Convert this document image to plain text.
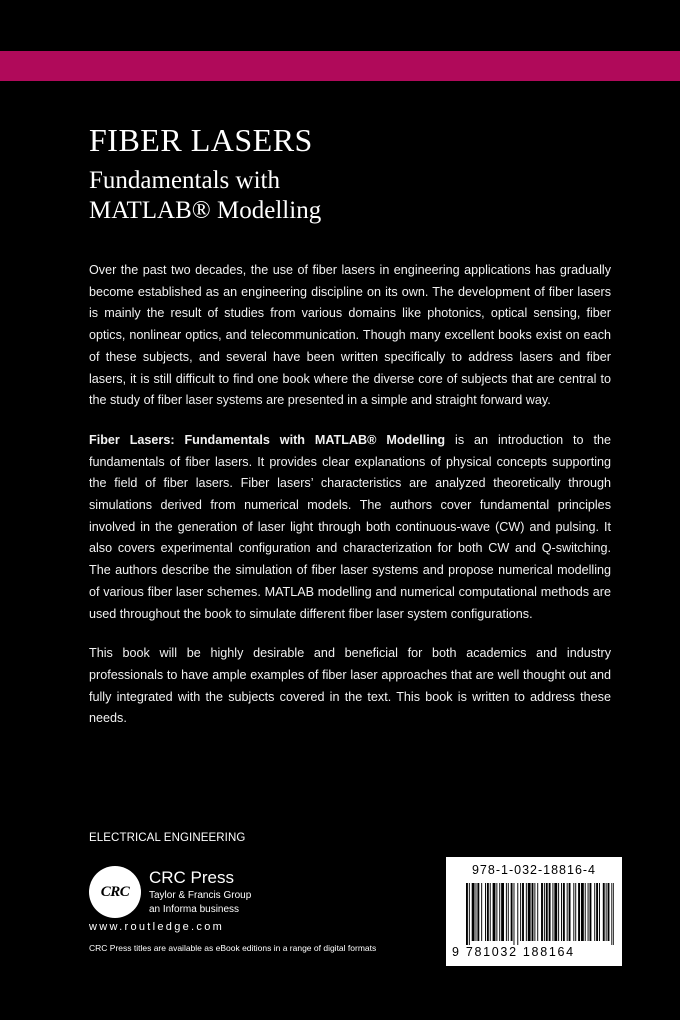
FIBER LASERS
Fundamentals with
MATLAB® Modelling

Over the past two decades, the use of fiber lasers in engineering applications has gradually become established as an engineering discipline on its own. The development of fiber lasers is mainly the result of studies from various domains like photonics, optical sensing, fiber optics, nonlinear optics, and telecommunication. Though many excellent books exist on each of these subjects, and several have been written specifically to address lasers and fiber lasers, it is still difficult to find one book where the diverse core of subjects that are central to the study of fiber laser systems are presented in a simple and straight forward way.

Fiber Lasers: Fundamentals with MATLAB® Modelling is an introduction to the fundamentals of fiber lasers. It provides clear explanations of physical concepts supporting the field of fiber lasers. Fiber lasers’ characteristics are analyzed theoretically through simulations derived from numerical models. The authors cover fundamental principles involved in the generation of laser light through both continuous-wave (CW) and pulsing. It also covers experimental configuration and characterization for both CW and Q-switching. The authors describe the simulation of fiber laser systems and propose numerical modelling of various fiber laser schemes. MATLAB modelling and numerical computational methods are used throughout the book to simulate different fiber laser system configurations.

This book will be highly desirable and beneficial for both academics and industry professionals to have ample examples of fiber laser approaches that are well thought out and fully integrated with the subjects covered in the text. This book is written to address these needs.

ELECTRICAL ENGINEERING
CRC
CRC Press
Taylor & Francis Group
an Informa business
www.routledge.com
CRC Press titles are available as eBook editions in a range of digital formats
978-1-032-18816-4
9 781032 188164
